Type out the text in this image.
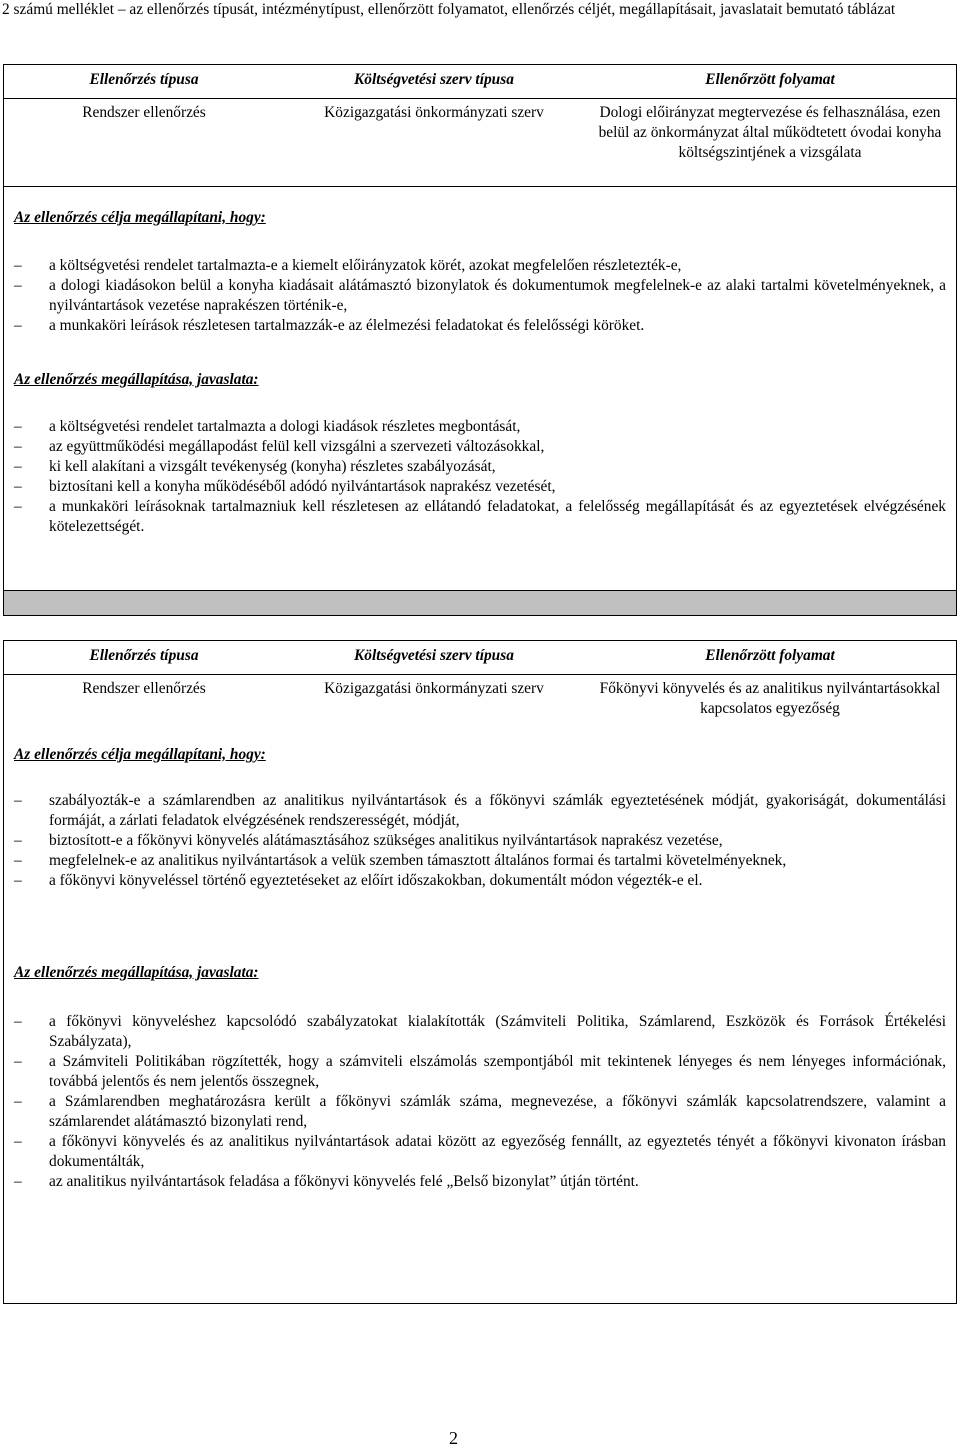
2 számú melléklet – az ellenőrzés típusát, intézménytípust, ellenőrzött folyamatot, ellenőrzés céljét, megállapításait, javaslatait bemutató táblázat
Ellenőrzés típusa	Költségvetési szerv típusa	Ellenőrzött folyamat
Rendszer ellenőrzés	Közigazgatási önkormányzati szerv	Dologi előirányzat megtervezése és felhasználása, ezen belül az önkormányzat által működtetett óvodai konyha költségszintjének a vizsgálata
Az ellenőrzés célja megállapítani, hogy:
– a költségvetési rendelet tartalmazta-e a kiemelt előirányzatok körét, azokat megfelelően részletezték-e,
– a dologi kiadásokon belül a konyha kiadásait alátámasztó bizonylatok és dokumentumok megfelelnek-e az alaki tartalmi követelményeknek, a nyilvántartások vezetése naprakészen történik-e,
– a munkaköri leírások részletesen tartalmazzák-e az élelmezési feladatokat és felelősségi köröket.
Az ellenőrzés megállapítása, javaslata:
– a költségvetési rendelet tartalmazta a dologi kiadások részletes megbontását,
– az együttműködési megállapodást felül kell vizsgálni a szervezeti változásokkal,
– ki kell alakítani a vizsgált tevékenység (konyha) részletes szabályozását,
– biztosítani kell a konyha működéséből adódó nyilvántartások naprakész vezetését,
– a munkaköri leírásoknak tartalmazniuk kell részletesen az ellátandó feladatokat, a felelősség megállapítását és az egyeztetések elvégzésének kötelezettségét.
Ellenőrzés típusa	Költségvetési szerv típusa	Ellenőrzött folyamat
Rendszer ellenőrzés	Közigazgatási önkormányzati szerv	Főkönyvi könyvelés és az analitikus nyilvántartásokkal kapcsolatos egyezőség
Az ellenőrzés célja megállapítani, hogy:
– szabályozták-e a számlarendben az analitikus nyilvántartások és a főkönyvi számlák egyeztetésének módját, gyakoriságát, dokumentálási formáját, a zárlati feladatok elvégzésének rendszerességét, módját,
– biztosított-e a főkönyvi könyvelés alátámasztásához szükséges analitikus nyilvántartások naprakész vezetése,
– megfelelnek-e az analitikus nyilvántartások a velük szemben támasztott általános formai és tartalmi követelményeknek,
– a főkönyvi könyveléssel történő egyeztetéseket az előírt időszakokban, dokumentált módon végezték-e el.
Az ellenőrzés megállapítása, javaslata:
– a főkönyvi könyveléshez kapcsolódó szabályzatokat kialakították (Számviteli Politika, Számlarend, Eszközök és Források Értékelési Szabályzata),
– a Számviteli Politikában rögzítették, hogy a számviteli elszámolás szempontjából mit tekintenek lényeges és nem lényeges információnak, továbbá jelentős és nem jelentős összegnek,
– a Számlarendben meghatározásra került a főkönyvi számlák száma, megnevezése, a főkönyvi számlák kapcsolatrendszere, valamint a számlarendet alátámasztó bizonylati rend,
– a főkönyvi könyvelés és az analitikus nyilvántartások adatai között az egyezőség fennállt, az egyeztetés tényét a főkönyvi kivonaton írásban dokumentálták,
– az analitikus nyilvántartások feladása a főkönyvi könyvelés felé „Belső bizonylat” útján történt.
2
